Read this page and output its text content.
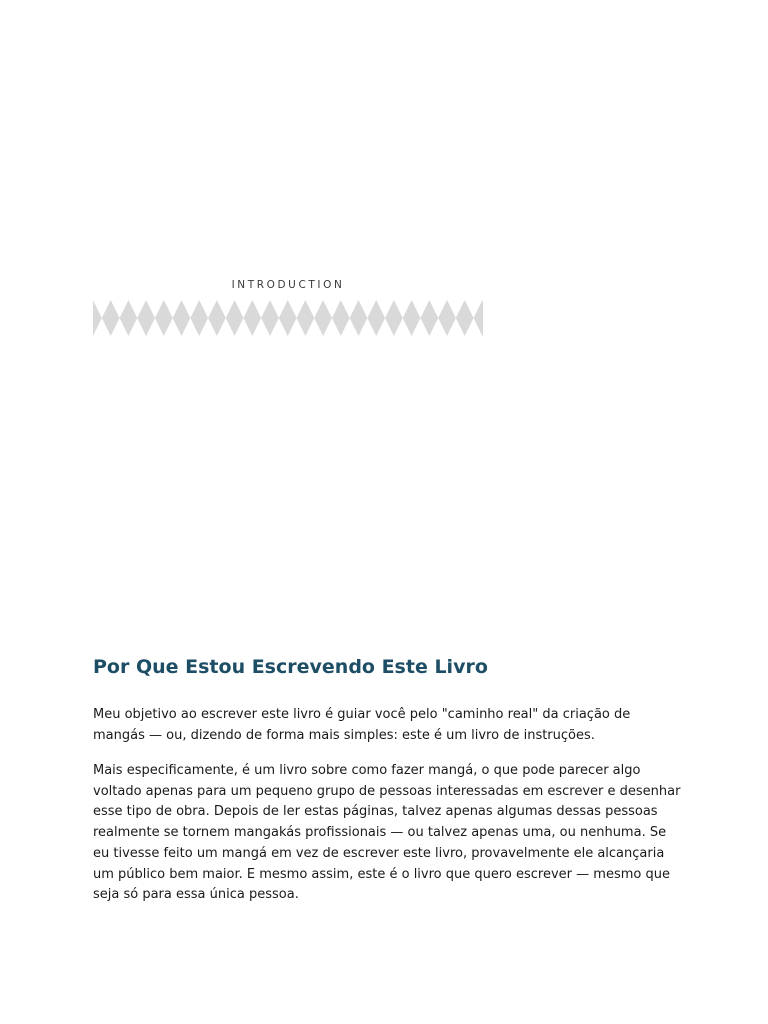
INTRODUCTION
Por Que Estou Escrevendo Este Livro

Meu objetivo ao escrever este livro é guiar você pelo "caminho real" da criação de mangás — ou, dizendo de forma mais simples: este é um livro de instruções.

Mais especificamente, é um livro sobre como fazer mangá, o que pode parecer algo voltado apenas para um pequeno grupo de pessoas interessadas em escrever e desenhar esse tipo de obra. Depois de ler estas páginas, talvez apenas algumas dessas pessoas realmente se tornem mangakás profissionais — ou talvez apenas uma, ou nenhuma. Se eu tivesse feito um mangá em vez de escrever este livro, provavelmente ele alcançaria um público bem maior. E mesmo assim, este é o livro que quero escrever — mesmo que seja só para essa única pessoa.
